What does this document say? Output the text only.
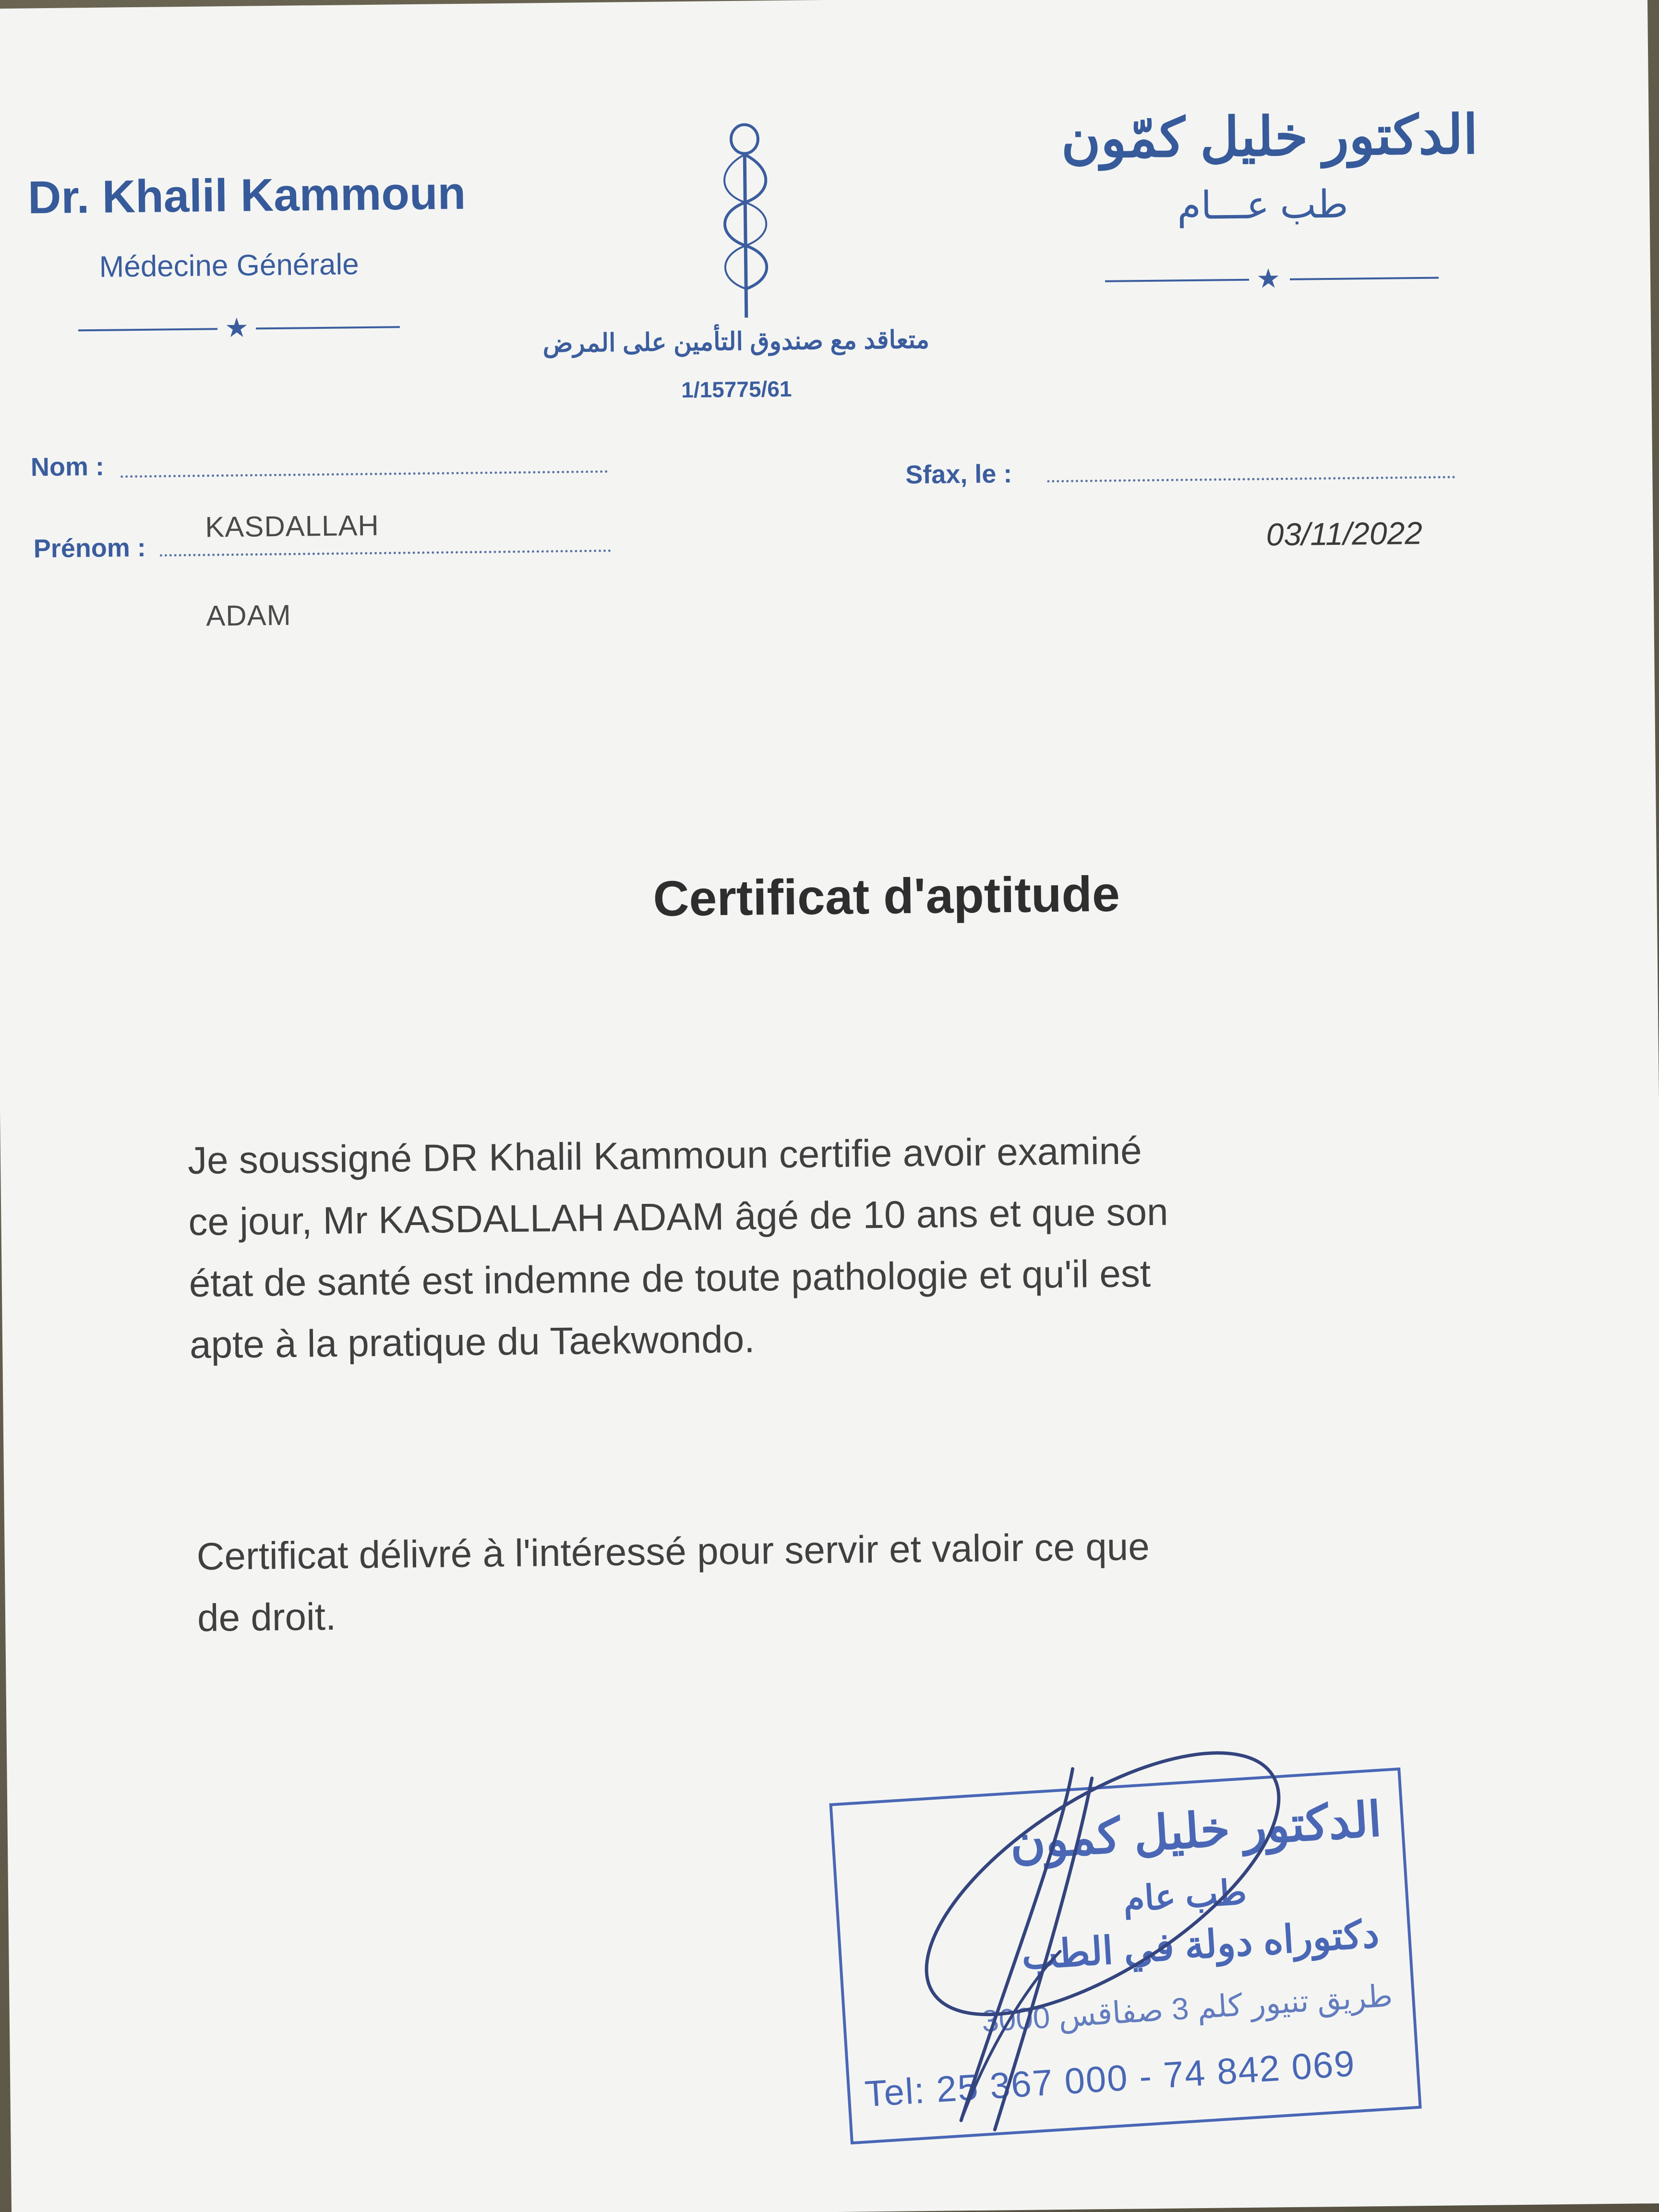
Dr. Khalil Kammoun
Médecine Générale
★	متعاقد مع صندوق التأمين على المرض
1/15775/61
الدكتور خليل كمّون
طب عـــام
★
Nom :	Sfax, le :
Prénom :
KASDALLAH
ADAM
03/11/2022
Certificat d'aptitude
Je soussigné DR Khalil Kammoun certifie avoir examiné
ce jour, Mr KASDALLAH ADAM âgé de 10 ans et que son
état de santé est indemne de toute pathologie et qu'il est
apte à la pratique du Taekwondo.
Certificat délivré à l'intéressé pour servir et valoir ce que
de droit.
الدكتور خليل كمون
طب عام
دكتوراه دولة في الطب
طريق تنيور كلم 3 صفاقس 3000
Tel: 25 367 000 - 74 842 069
